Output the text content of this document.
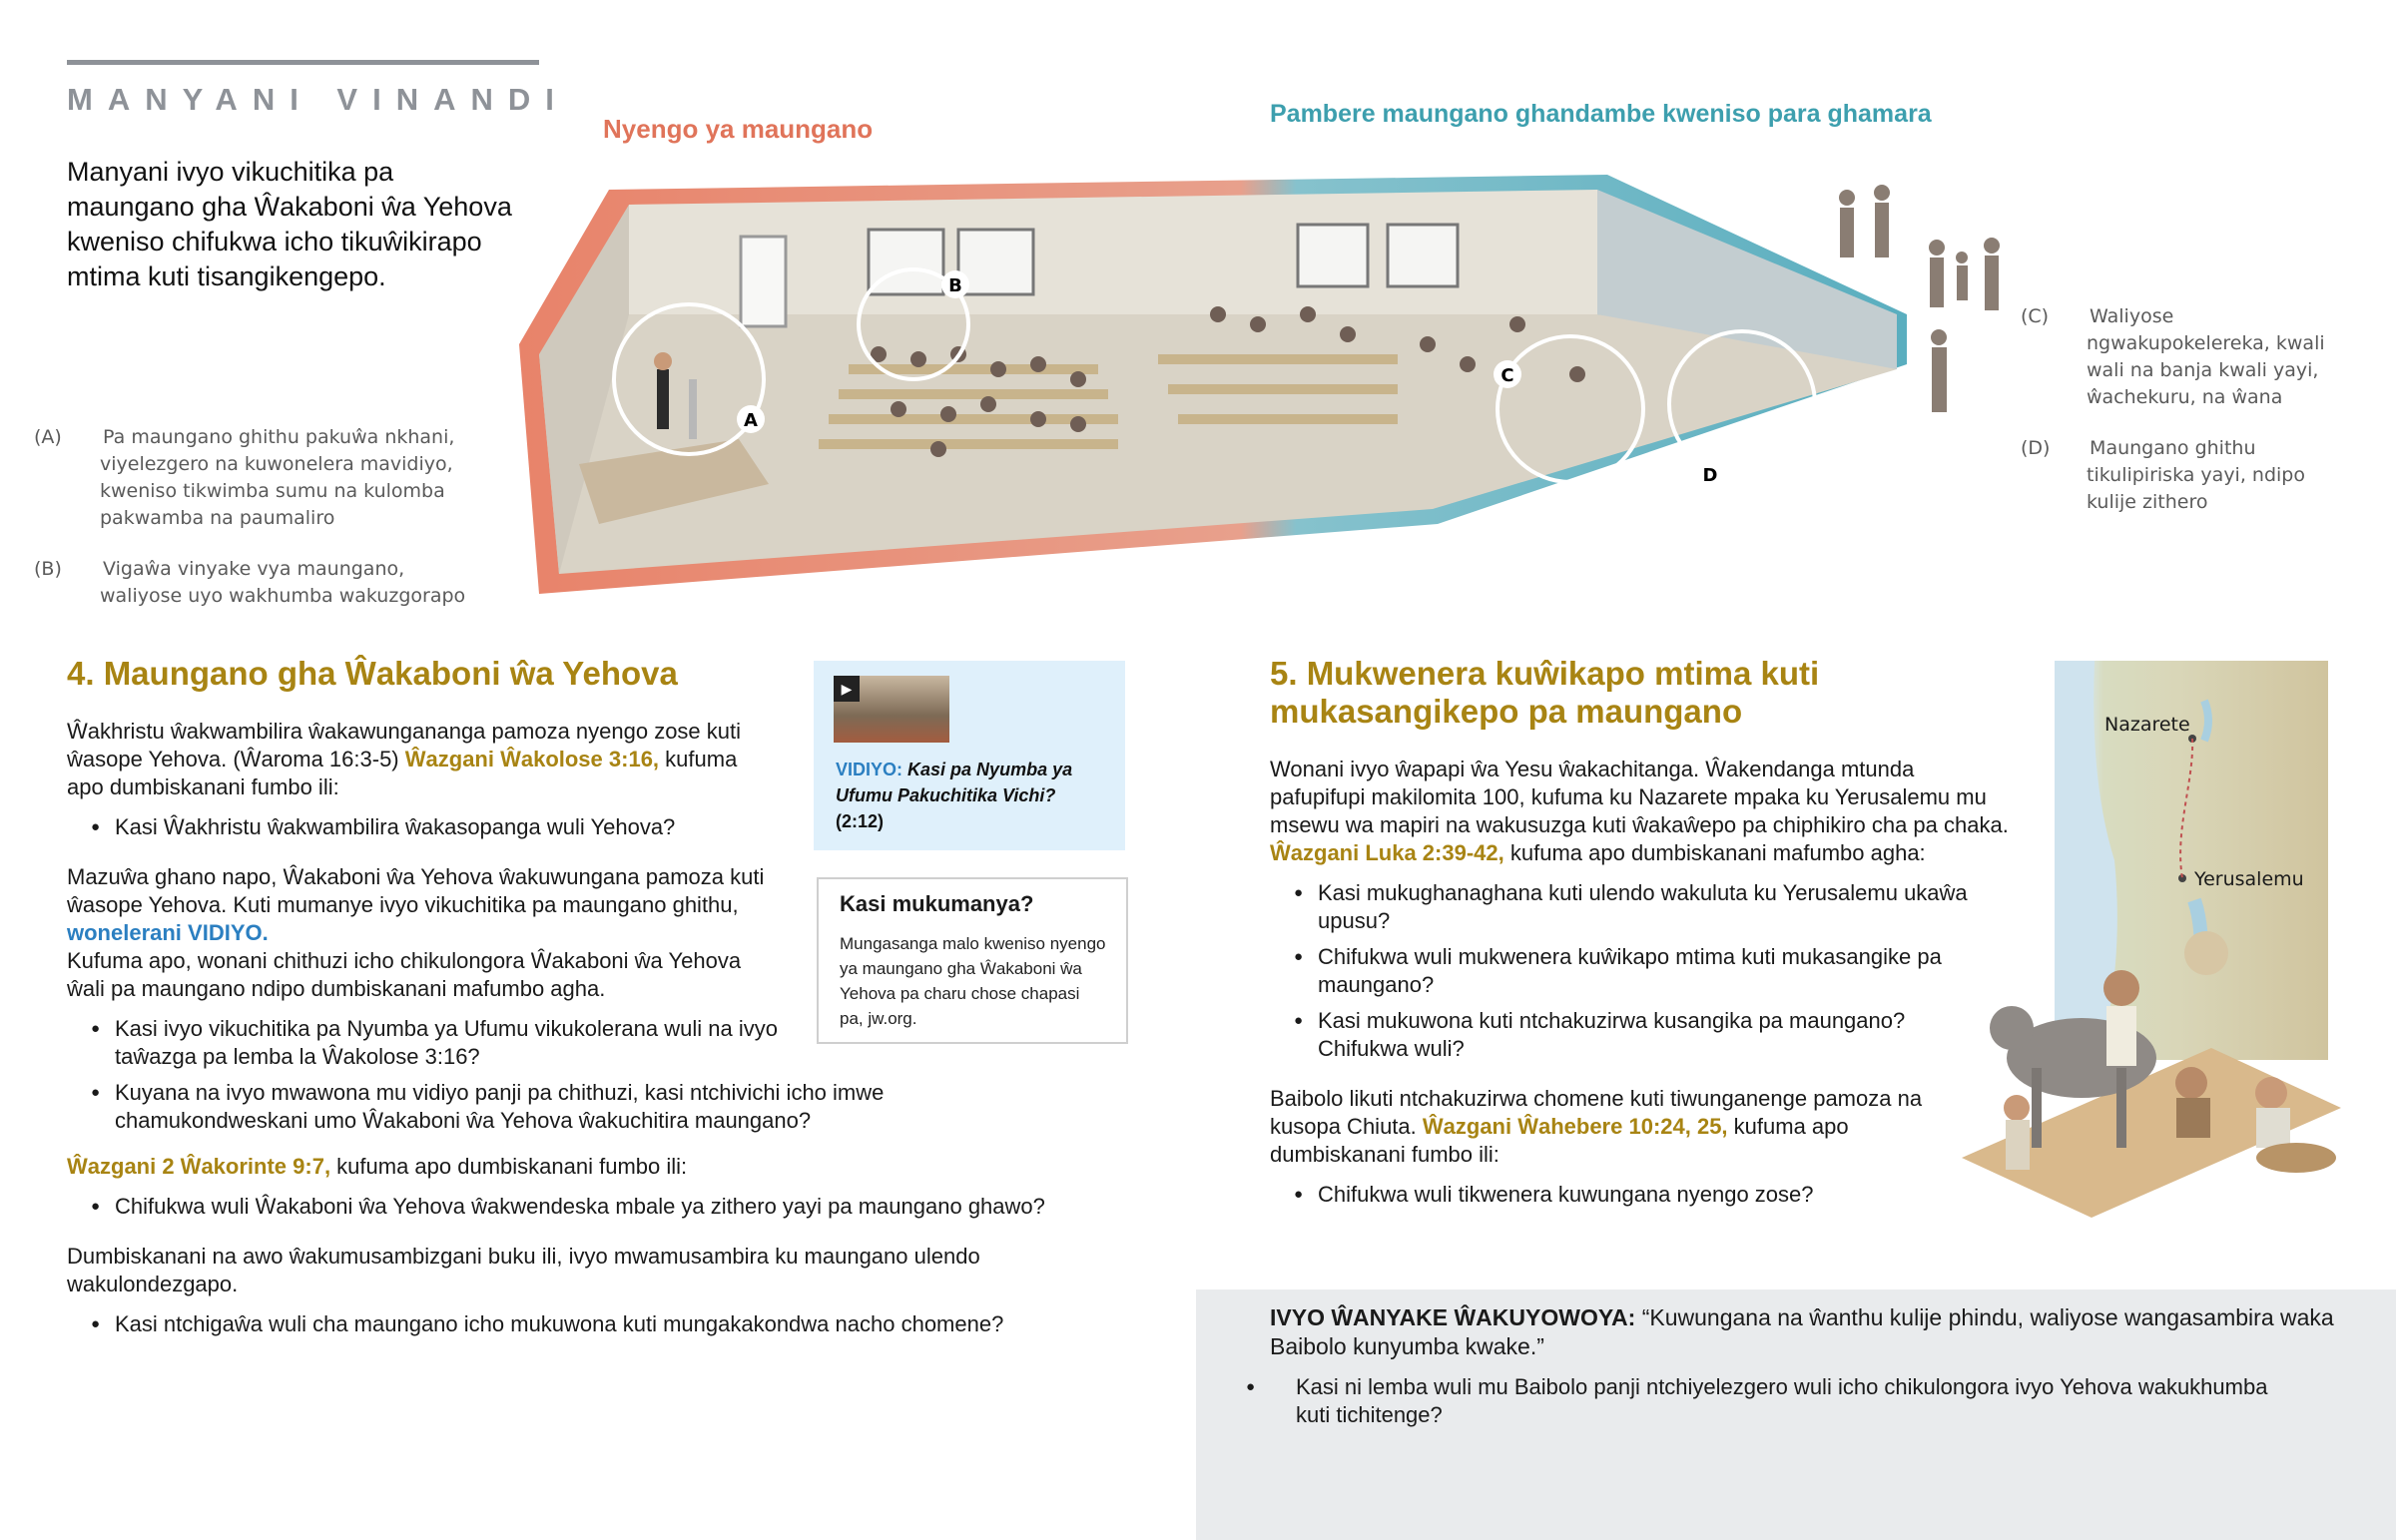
MANYANI VINANDI
Manyani ivyo vikuchitika pa maungano gha Ŵakaboni ŵa Yehova kweniso chifukwa icho tikuŵikirapo mtima kuti tisangikengepo.
Nyengo ya maungano	Pambere maungano ghandambe kweniso para ghamara
A
B
C
D
(A) Pa maungano ghithu pakuŵa nkhani, viyelezgero na kuwonelera mavidiyo, kweniso tikwimba sumu na kulomba pakwamba na paumaliro
(B) Vigaŵa vinyake vya maungano, waliyose uyo wakhumba wakuzgorapo
(C) Waliyose ngwakupokelereka, kwali wali na banja kwali yayi, ŵachekuru, na ŵana
(D) Maungano ghithu tikulipiriska yayi, ndipo kulije zithero
4. Maungano gha Ŵakaboni ŵa Yehova
Ŵakhristu ŵakwambilira ŵakawungananga pamoza nyengo zose kuti ŵasope Yehova. (Ŵaroma 16:3-5) Ŵazgani Ŵakolose 3:16, kufuma apo dumbiskanani fumbo ili:
● Kasi Ŵakhristu ŵakwambilira ŵakasopanga wuli Yehova?
Mazuŵa ghano napo, Ŵakaboni ŵa Yehova ŵakuwungana pamoza kuti ŵasope Yehova. Kuti mumanye ivyo vikuchitika pa maungano ghithu, wonelerani VIDIYO.
Kufuma apo, wonani chithuzi icho chikulongora Ŵakaboni ŵa Yehova ŵali pa maungano ndipo dumbiskanani mafumbo agha.
● Kasi ivyo vikuchitika pa Nyumba ya Ufumu vikukolerana wuli na ivyo taŵazga pa lemba la Ŵakolose 3:16?
● Kuyana na ivyo mwawona mu vidiyo panji pa chithuzi, kasi ntchivichi icho imwe chamukondweskani umo Ŵakaboni ŵa Yehova ŵakuchitira maungano?
Ŵazgani 2 Ŵakorinte 9:7, kufuma apo dumbiskanani fumbo ili:
● Chifukwa wuli Ŵakaboni ŵa Yehova ŵakwendeska mbale ya zithero yayi pa maungano ghawo?
Dumbiskanani na awo ŵakumusambizgani buku ili, ivyo mwamusambira ku maungano ulendo wakulondezgapo.
● Kasi ntchigaŵa wuli cha maungano icho mukuwona kuti mungakakondwa nacho chomene?
▶
VIDIYO: Kasi pa Nyumba ya Ufumu Pakuchitika Vichi? (2:12)
Kasi mukumanya?
Mungasanga malo kweniso nyengo ya maungano gha Ŵakaboni ŵa Yehova pa charu chose chapasi pa, jw.org.
5. Mukwenera kuŵikapo mtima kuti mukasangikepo pa maungano
Wonani ivyo ŵapapi ŵa Yesu ŵakachitanga. Ŵakendanga mtunda pafupifupi makilomita 100, kufuma ku Nazarete mpaka ku Yerusalemu mu msewu wa mapiri na wakusuzga kuti ŵakaŵepo pa chiphikiro cha pa chaka. Ŵazgani Luka 2:39-42, kufuma apo dumbiskanani mafumbo agha:
● Kasi mukughanaghana kuti ulendo wakuluta ku Yerusalemu ukaŵa upusu?
● Chifukwa wuli mukwenera kuŵikapo mtima kuti mukasangike pa maungano?
● Kasi mukuwona kuti ntchakuzirwa kusangika pa maungano? Chifukwa wuli?
Baibolo likuti ntchakuzirwa chomene kuti tiwunganenge pamoza na kusopa Chiuta. Ŵazgani Ŵahebere 10:24, 25, kufuma apo dumbiskanani fumbo ili:
● Chifukwa wuli tikwenera kuwungana nyengo zose?
Nazarete
Yerusalemu
IVYO ŴANYAKE ŴAKUYOWOYA: “Kuwungana na ŵanthu kulije phindu, waliyose wangasambira waka Baibolo kunyumba kwake.”
● Kasi ni lemba wuli mu Baibolo panji ntchiyelezgero wuli icho chikulongora ivyo Yehova wakukhumba kuti tichitenge?
